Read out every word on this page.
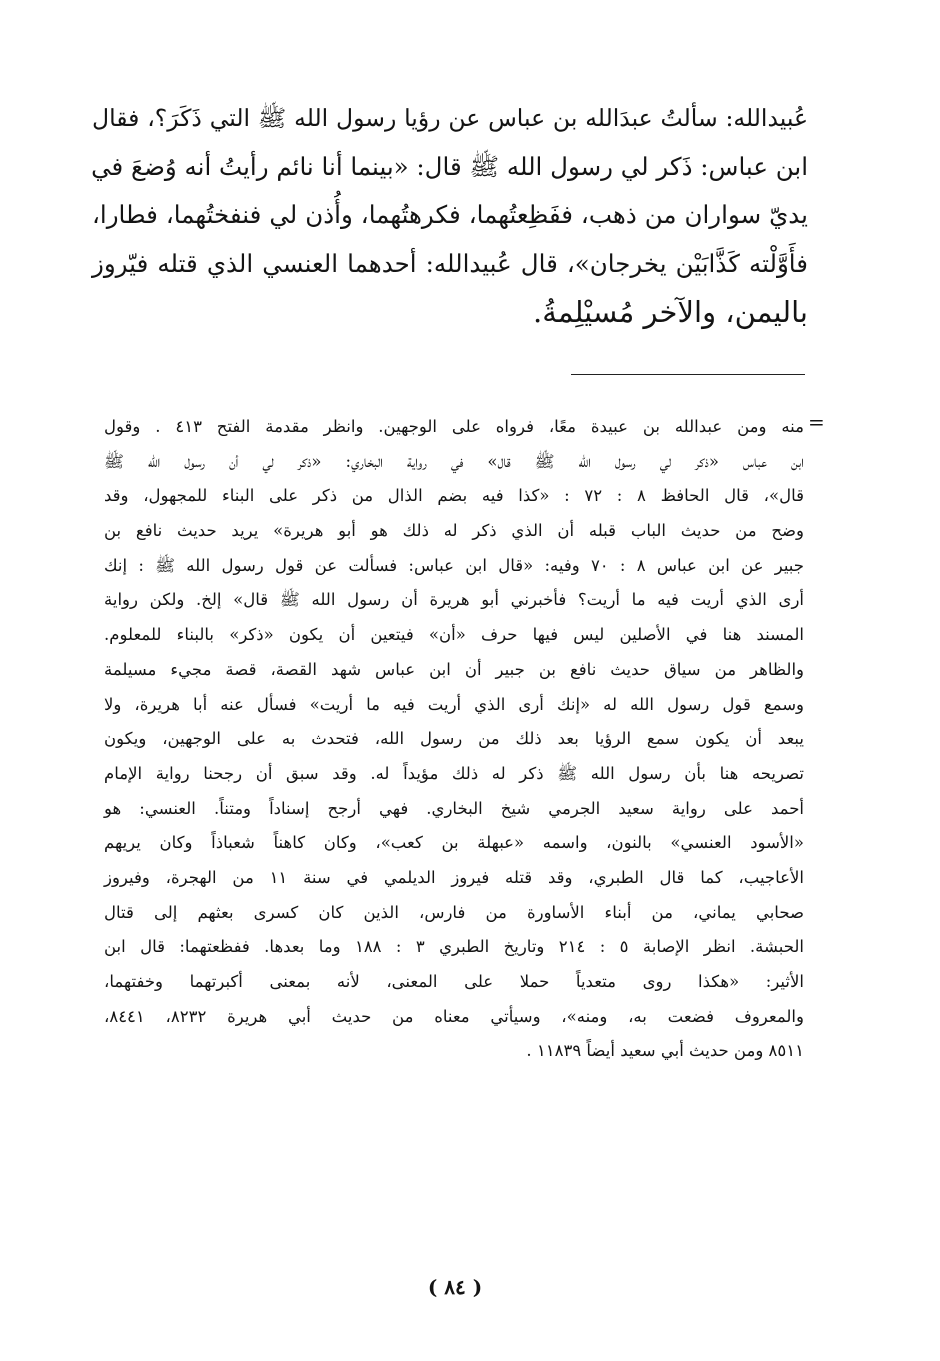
عُبيدالله: سألتُ عبدَالله بن عباس عن رؤيا رسول الله ﷺ التي ذَكَرَ؟، فقال
ابن عباس: ذَكر لي رسول الله ﷺ قال: «بينما أنا نائم رأيتُ أنه وُضعَ في
يديّ سواران من ذهب، ففَظِعتُهما، فكرهتُهما، وأُذن لي فنفختُهما، فطارا،
فأَوَّلْته كَذَّابَيْن يخرجان»، قال عُبيدالله: أحدهما العنسي الذي قتله فيّروز
باليمن، والآخر مُسيْلِمةُ.
=
منه ومن عبدالله بن عبيدة معًا، فرواه على الوجهين. وانظر مقدمة الفتح ٤١٣ . وقول
ابن عباس «ذكر لي رسول الله ﷺ قال» في رواية البخاري: «ذكر لي أن رسول الله ﷺ
قال»، قال الحافظ ٨ : ٧٢ : «كذا فيه بضم الذال من ذكر على البناء للمجهول، وقد
وضح من حديث الباب قبله أن الذي ذكر له ذلك هو أبو هريرة» يريد حديث نافع بن
جبير عن ابن عباس ٨ : ٧٠ وفيه: «قال ابن عباس: فسألت عن قول رسول الله ﷺ : إنك
أرى الذي أريت فيه ما أريت؟ فأخبرني أبو هريرة أن رسول الله ﷺ قال» إلخ. ولكن رواية
المسند هنا في الأصلين ليس فيها حرف «أن» فيتعين أن يكون «ذكر» بالبناء للمعلوم.
والظاهر من سياق حديث نافع بن جبير أن ابن عباس شهد القصة، قصة مجيء مسيلمة
وسمع قول رسول الله له «إنك أرى الذي أريت فيه ما أريت» فسأل عنه أبا هريرة، ولا
يبعد أن يكون سمع الرؤيا بعد ذلك من رسول الله، فتحدث به على الوجهين، ويكون
تصريحه هنا بأن رسول الله ﷺ ذكر له ذلك مؤيداً له. وقد سبق أن رجحنا رواية الإمام
أحمد على رواية سعيد الجرمي شيخ البخاري. فهي أرجح إسناداً ومتناً. العنسي: هو
«الأسود العنسي» بالنون، واسمه «عبهلة بن كعب»، وكان كاهناً شعباذاً وكان يريهم
الأعاجيب، كما قال الطبري، وقد قتله فيروز الديلمي في سنة ١١ من الهجرة، وفيروز
صحابي يماني، من أبناء الأساورة من فارس، الذين كان كسرى بعثهم إلى قتال
الحبشة. انظر الإصابة ٥ : ٢١٤ وتاريخ الطبري ٣ : ١٨٨ وما بعدها. ففظعتهما: قال ابن
الأثير: «هكذا روى متعدياً حملا على المعنى، لأنه بمعنى أكبرتهما وخفتهما،
والمعروف فضعت به، ومنه»، وسيأتي معناه من حديث أبي هريرة ٨٢٣٢، ٨٤٤١،
٨٥١١ ومن حديث أبي سعيد أيضاً ١١٨٣٩ .
( ٨٤ )
